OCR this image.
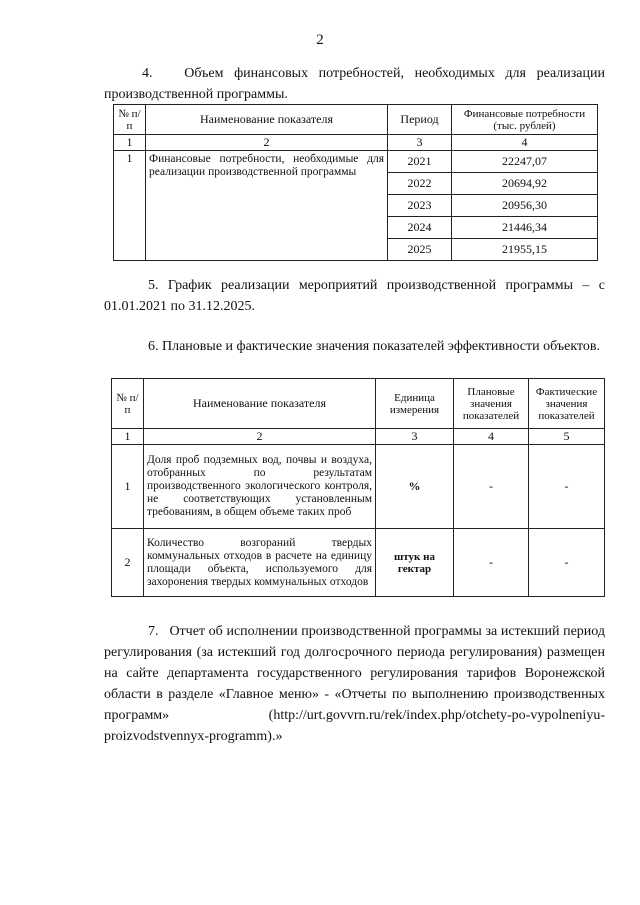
2
4. Объем финансовых потребностей, необходимых для реализации производственной программы.
№ п/п	Наименование показателя	Период	Финансовые потребности (тыс. рублей)
1	2	3	4
1	Финансовые потребности, необходимые для реализации производственной программы	2021	22247,07
		2022	20694,92
		2023	20956,30
		2024	21446,34
		2025	21955,15
5. График реализации мероприятий производственной программы – с 01.01.2021 по 31.12.2025.
6. Плановые и фактические значения показателей эффективности объектов.
№ п/п	Наименование показателя	Единица измерения	Плановые значения показателей	Фактические значения показателей
1	2	3	4	5
1	Доля проб подземных вод, почвы и воздуха, отобранных по результатам производственного экологического контроля, не соответствующих установленным требованиям, в общем объеме таких проб	%	-	-
2	Количество возгораний твердых коммунальных отходов в расчете на единицу площади объекта, используемого для захоронения твердых коммунальных отходов	штук на гектар	-	-
7. Отчет об исполнении производственной программы за истекший период регулирования (за истекший год долгосрочного периода регулирования) размещен на сайте департамента государственного регулирования тарифов Воронежской области в разделе «Главное меню» - «Отчеты по выполнению производственных программ» (http://urt.govvrn.ru/rek/index.php/otchety-po-vypolneniyu-proizvodstvennyx-programm).»
